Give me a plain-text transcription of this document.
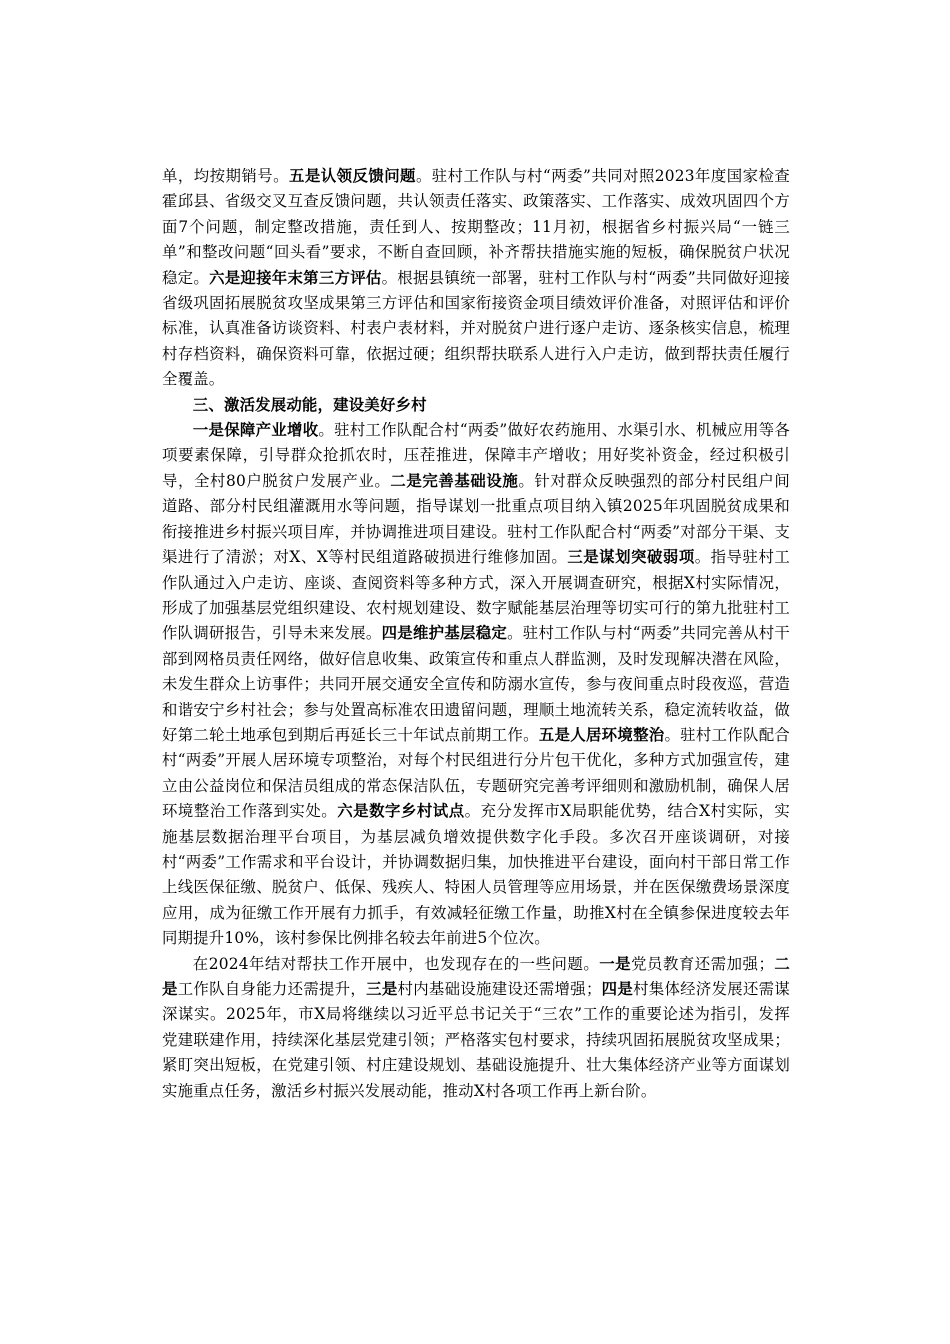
单，均按期销号。五是认领反馈问题。驻村工作队与村“两委”共同对照2023年度国家检查霍邱县、省级交叉互查反馈问题，共认领责任落实、政策落实、工作落实、成效巩固四个方面7个问题，制定整改措施，责任到人、按期整改；11月初，根据省乡村振兴局“一链三单”和整改问题“回头看”要求，不断自查回顾，补齐帮扶措施实施的短板，确保脱贫户状况稳定。六是迎接年末第三方评估。根据县镇统一部署，驻村工作队与村“两委”共同做好迎接省级巩固拓展脱贫攻坚成果第三方评估和国家衔接资金项目绩效评价准备，对照评估和评价标准，认真准备访谈资料、村表户表材料，并对脱贫户进行逐户走访、逐条核实信息，梳理村存档资料，确保资料可靠，依据过硬；组织帮扶联系人进行入户走访，做到帮扶责任履行全覆盖。

三、激活发展动能，建设美好乡村

一是保障产业增收。驻村工作队配合村“两委”做好农药施用、水渠引水、机械应用等各项要素保障，引导群众抢抓农时，压茬推进，保障丰产增收；用好奖补资金，经过积极引导，全村80户脱贫户发展产业。二是完善基础设施。针对群众反映强烈的部分村民组户间道路、部分村民组灌溉用水等问题，指导谋划一批重点项目纳入镇2025年巩固脱贫成果和衔接推进乡村振兴项目库，并协调推进项目建设。驻村工作队配合村“两委”对部分干渠、支渠进行了清淤；对X、X等村民组道路破损进行维修加固。三是谋划突破弱项。指导驻村工作队通过入户走访、座谈、查阅资料等多种方式，深入开展调查研究，根据X村实际情况，形成了加强基层党组织建设、农村规划建设、数字赋能基层治理等切实可行的第九批驻村工作队调研报告，引导未来发展。四是维护基层稳定。驻村工作队与村“两委”共同完善从村干部到网格员责任网络，做好信息收集、政策宣传和重点人群监测，及时发现解决潜在风险，未发生群众上访事件；共同开展交通安全宣传和防溺水宣传，参与夜间重点时段夜巡，营造和谐安宁乡村社会；参与处置高标准农田遗留问题，理顺土地流转关系，稳定流转收益，做好第二轮土地承包到期后再延长三十年试点前期工作。五是人居环境整治。驻村工作队配合村“两委”开展人居环境专项整治，对每个村民组进行分片包干优化，多种方式加强宣传，建立由公益岗位和保洁员组成的常态保洁队伍，专题研究完善考评细则和激励机制，确保人居环境整治工作落到实处。六是数字乡村试点。充分发挥市X局职能优势，结合X村实际，实施基层数据治理平台项目，为基层减负增效提供数字化手段。多次召开座谈调研，对接村“两委”工作需求和平台设计，并协调数据归集，加快推进平台建设，面向村干部日常工作上线医保征缴、脱贫户、低保、残疾人、特困人员管理等应用场景，并在医保缴费场景深度应用，成为征缴工作开展有力抓手，有效减轻征缴工作量，助推X村在全镇参保进度较去年同期提升10%，该村参保比例排名较去年前进5个位次。

在2024年结对帮扶工作开展中，也发现存在的一些问题。一是党员教育还需加强；二是工作队自身能力还需提升，三是村内基础设施建设还需增强；四是村集体经济发展还需谋深谋实。2025年，市X局将继续以习近平总书记关于“三农”工作的重要论述为指引，发挥党建联建作用，持续深化基层党建引领；严格落实包村要求，持续巩固拓展脱贫攻坚成果；紧盯突出短板，在党建引领、村庄建设规划、基础设施提升、壮大集体经济产业等方面谋划实施重点任务，激活乡村振兴发展动能，推动X村各项工作再上新台阶。
